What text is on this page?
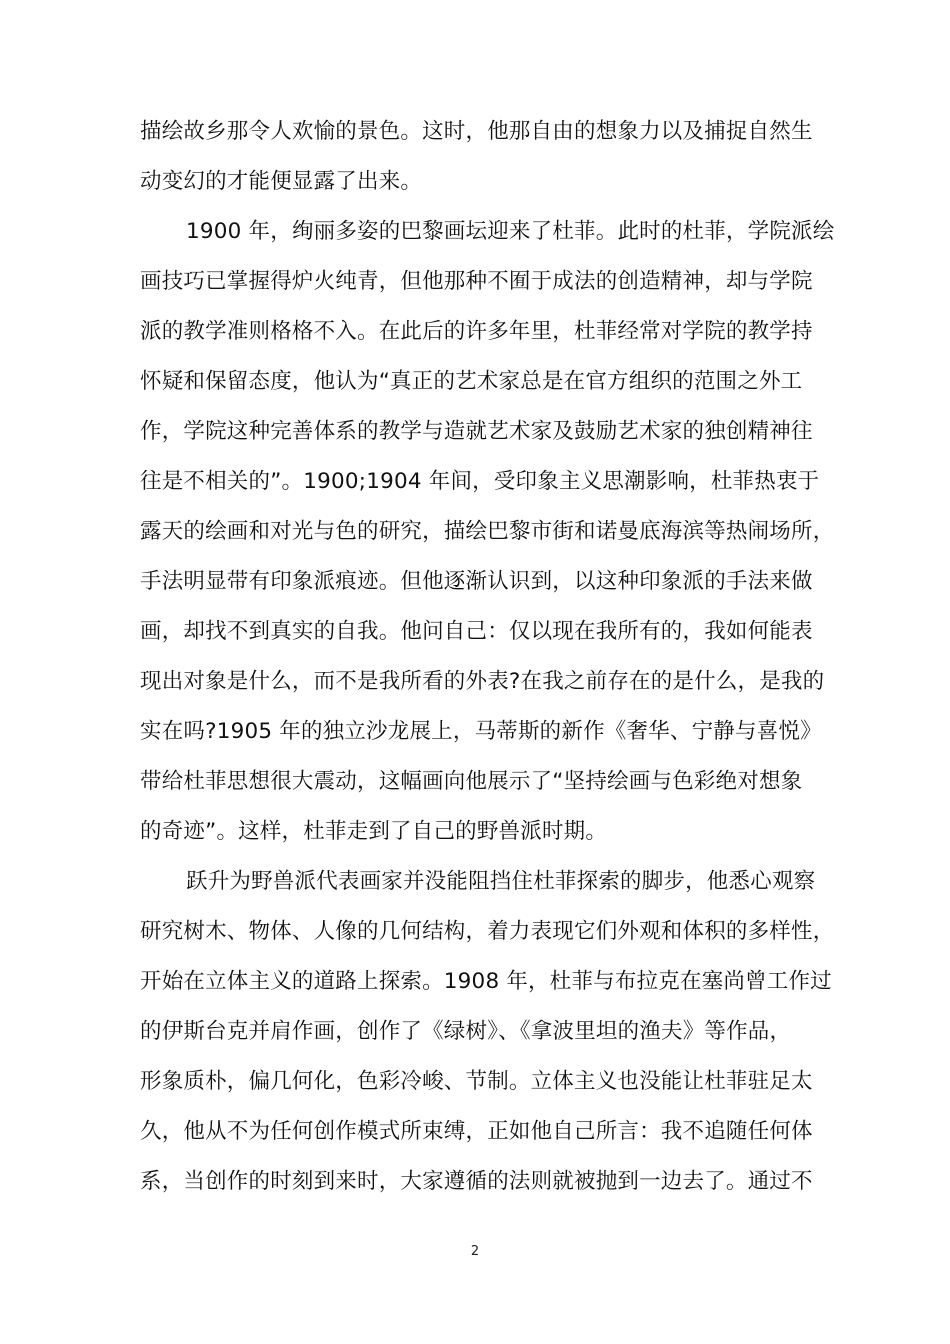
描绘故乡那令人欢愉的景色。这时，他那自由的想象力以及捕捉自然生
动变幻的才能便显露了出来。
1900 年，绚丽多姿的巴黎画坛迎来了杜菲。此时的杜菲，学院派绘
画技巧已掌握得炉火纯青，但他那种不囿于成法的创造精神，却与学院
派的教学准则格格不入。在此后的许多年里，杜菲经常对学院的教学持
怀疑和保留态度，他认为“真正的艺术家总是在官方组织的范围之外工
作，学院这种完善体系的教学与造就艺术家及鼓励艺术家的独创精神往
往是不相关的”。1900;1904 年间，受印象主义思潮影响，杜菲热衷于
露天的绘画和对光与色的研究，描绘巴黎市街和诺曼底海滨等热闹场所，
手法明显带有印象派痕迹。但他逐渐认识到，以这种印象派的手法来做
画，却找不到真实的自我。他问自己：仅以现在我所有的，我如何能表
现出对象是什么，而不是我所看的外表?在我之前存在的是什么，是我的
实在吗?1905 年的独立沙龙展上，马蒂斯的新作《奢华、宁静与喜悦》
带给杜菲思想很大震动，这幅画向他展示了“坚持绘画与色彩绝对想象
的奇迹”。这样，杜菲走到了自己的野兽派时期。
跃升为野兽派代表画家并没能阻挡住杜菲探索的脚步，他悉心观察
研究树木、物体、人像的几何结构，着力表现它们外观和体积的多样性，
开始在立体主义的道路上探索。1908 年，杜菲与布拉克在塞尚曾工作过
的伊斯台克并肩作画，创作了《绿树》、《拿波里坦的渔夫》等作品，
形象质朴，偏几何化，色彩冷峻、节制。立体主义也没能让杜菲驻足太
久，他从不为任何创作模式所束缚，正如他自己所言：我不追随任何体
系，当创作的时刻到来时，大家遵循的法则就被抛到一边去了。通过不
2
